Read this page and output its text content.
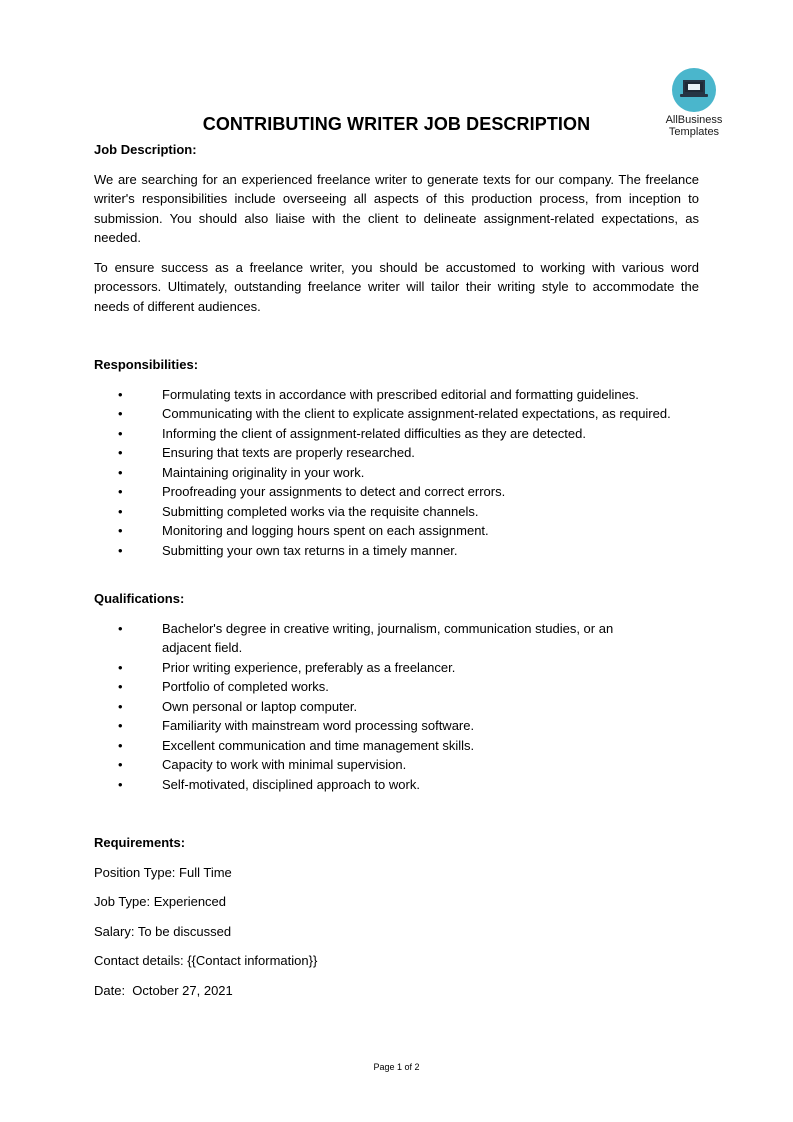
AllBusiness
Templates
CONTRIBUTING WRITER JOB DESCRIPTION
Job Description:

We are searching for an experienced freelance writer to generate texts for our company. The freelance writer's responsibilities include overseeing all aspects of this production process, from inception to submission. You should also liaise with the client to delineate assignment-related expectations, as needed.

To ensure success as a freelance writer, you should be accustomed to working with various word processors. Ultimately, outstanding freelance writer will tailor their writing style to accommodate the needs of different audiences.

Responsibilities:
•	Formulating texts in accordance with prescribed editorial and formatting guidelines.
•	Communicating with the client to explicate assignment-related expectations, as required.
•	Informing the client of assignment-related difficulties as they are detected.
•	Ensuring that texts are properly researched.
•	Maintaining originality in your work.
•	Proofreading your assignments to detect and correct errors.
•	Submitting completed works via the requisite channels.
•	Monitoring and logging hours spent on each assignment.
•	Submitting your own tax returns in a timely manner.
Qualifications:
•	Bachelor's degree in creative writing, journalism, communication studies, or an adjacent field.
•	Prior writing experience, preferably as a freelancer.
•	Portfolio of completed works.
•	Own personal or laptop computer.
•	Familiarity with mainstream word processing software.
•	Excellent communication and time management skills.
•	Capacity to work with minimal supervision.
•	Self-motivated, disciplined approach to work.
Requirements:
Position Type: Full Time
Job Type: Experienced
Salary: To be discussed
Contact details: {{Contact information}}
Date:  October 27, 2021
Page 1 of 2
